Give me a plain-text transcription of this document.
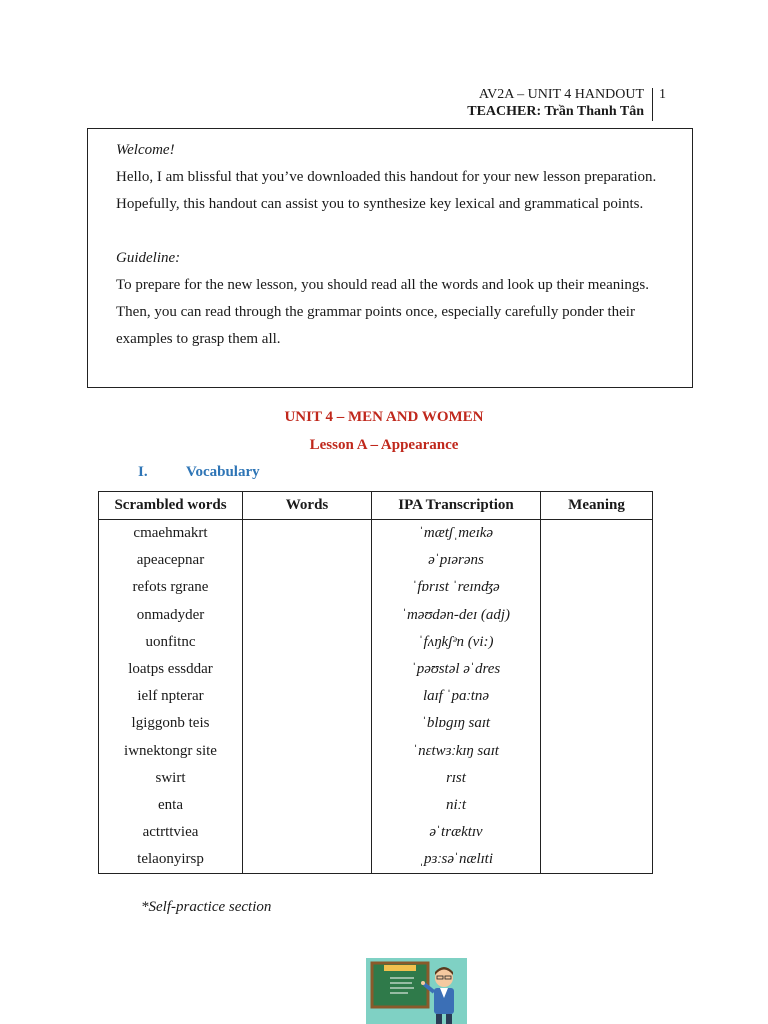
AV2A – UNIT 4 HANDOUT
TEACHER: Trần Thanh Tân
1

Welcome!

Hello, I am blissful that you’ve downloaded this handout for your new lesson preparation. Hopefully, this handout can assist you to synthesize key lexical and grammatical points.

Guideline:

To prepare for the new lesson, you should read all the words and look up their meanings. Then, you can read through the grammar points once, especially carefully ponder their examples to grasp them all.

UNIT 4 – MEN AND WOMEN
Lesson A – Appearance
I.	Vocabulary
Scrambled words	Words	IPA Transcription	Meaning
cmaehmakrt		ˈmætʃˌmeɪkə	
apeacepnar		əˈpɪərəns	
refots rgrane		ˈfɒrɪst ˈreɪnʤə	
onmadyder		ˈməʊdən-deɪ (adj)	
uonfitnc		ˈfʌŋkʃᵊn (vi:)	
loatps essddar		ˈpəʊstəl əˈdres	
ielf npterar		laɪf ˈpɑːtnə	
lgiggonb teis		ˈblɒgɪŋ saɪt	
iwnektongr site		ˈnɛtwɜːkɪŋ saɪt	
swirt		rɪst	
enta		niːt	
actrttviea		əˈtræktɪv	
telaonyirsp		ˌpɜːsəˈnælɪti	
*Self-practice section
